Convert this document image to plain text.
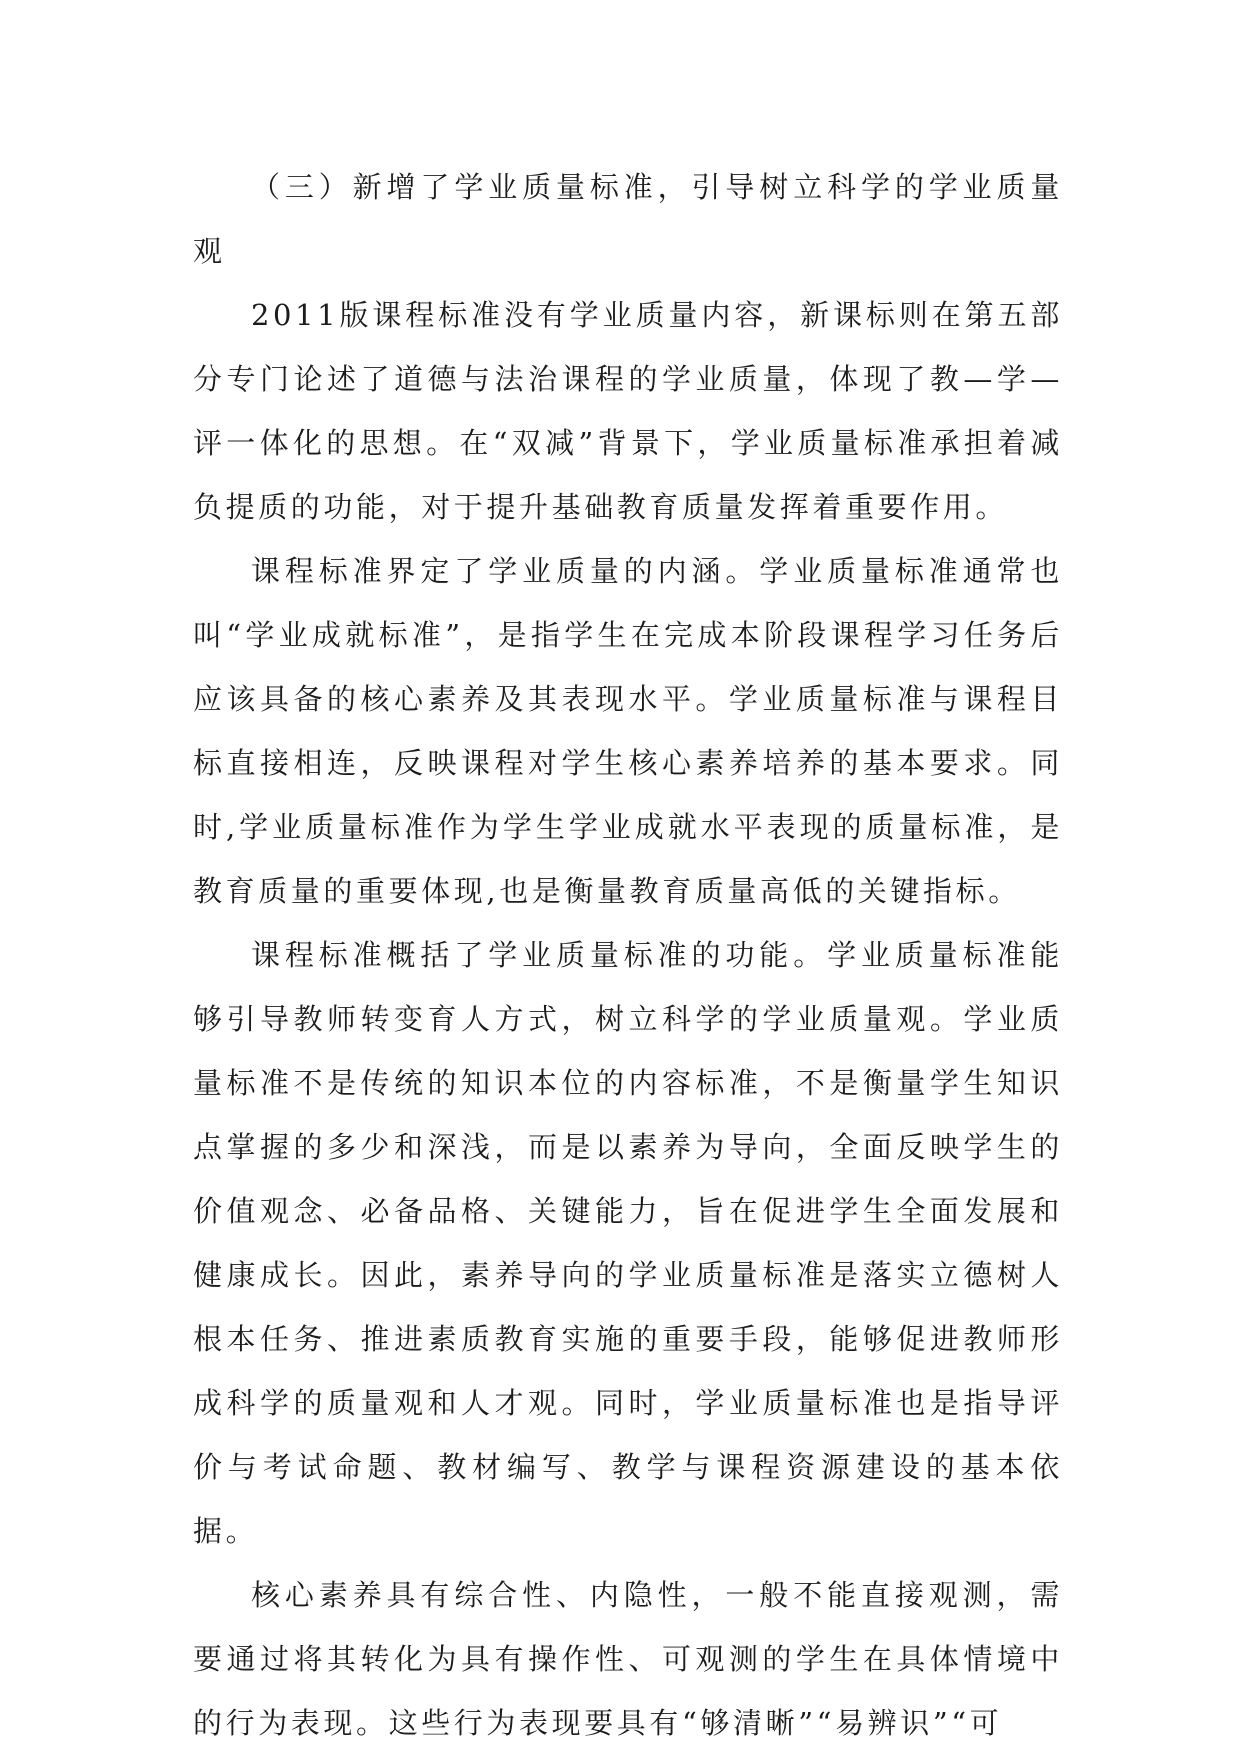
（三）新增了学业质量标准，引导树立科学的学业质量观

2011版课程标准没有学业质量内容，新课标则在第五部分专门论述了道德与法治课程的学业质量，体现了教—学—评一体化的思想。在“双减”背景下，学业质量标准承担着减负提质的功能，对于提升基础教育质量发挥着重要作用。

课程标准界定了学业质量的内涵。学业质量标准通常也叫“学业成就标准”，是指学生在完成本阶段课程学习任务后应该具备的核心素养及其表现水平。学业质量标准与课程目标直接相连，反映课程对学生核心素养培养的基本要求。同时,学业质量标准作为学生学业成就水平表现的质量标准，是教育质量的重要体现,也是衡量教育质量高低的关键指标。

课程标准概括了学业质量标准的功能。学业质量标准能够引导教师转变育人方式，树立科学的学业质量观。学业质量标准不是传统的知识本位的内容标准，不是衡量学生知识点掌握的多少和深浅，而是以素养为导向，全面反映学生的价值观念、必备品格、关键能力，旨在促进学生全面发展和健康成长。因此，素养导向的学业质量标准是落实立德树人根本任务、推进素质教育实施的重要手段，能够促进教师形成科学的质量观和人才观。同时，学业质量标准也是指导评价与考试命题、教材编写、教学与课程资源建设的基本依据。

核心素养具有综合性、内隐性，一般不能直接观测，需要通过将其转化为具有操作性、可观测的学生在具体情境中的行为表现。这些行为表现要具有“够清晰”“易辨识”“可
